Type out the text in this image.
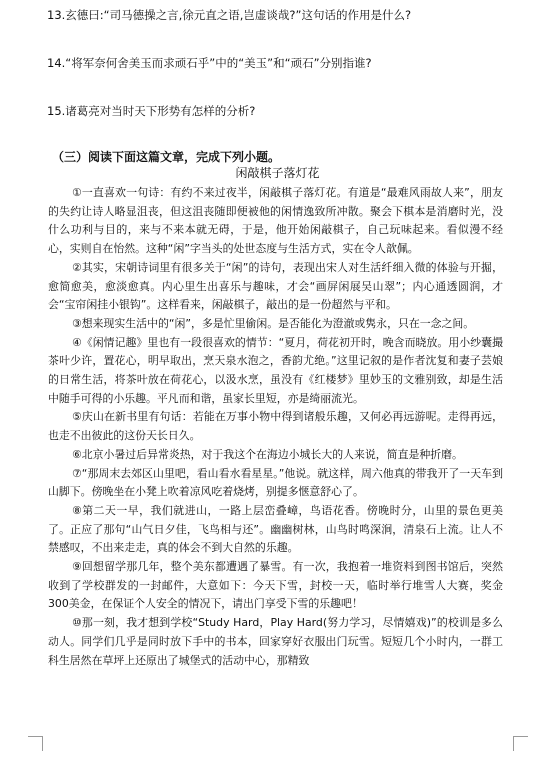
13.玄德曰:“司马德操之言,徐元直之语,岂虚谈哉?”这句话的作用是什么?
14.“将军奈何舍美玉而求顽石乎”中的“美玉”和“顽石”分别指谁?
15.诸葛亮对当时天下形势有怎样的分析?
（三）阅读下面这篇文章，完成下列小题。
闲敲棋子落灯花

①一直喜欢一句诗：有约不来过夜半，闲敲棋子落灯花。有道是“最难风雨故人来”，朋友的失约让诗人略显沮丧，但这沮丧随即便被他的闲情逸致所冲散。聚会下棋本是消磨时光，没什么功利与目的，来与不来本就无碍，于是，他开始闲敲棋子，自己玩味起来。看似漫不经心，实则自在怡然。这种“闲”字当头的处世态度与生活方式，实在令人歆佩。

②其实，宋朝诗词里有很多关于“闲”的诗句，表现出宋人对生活纤细入微的体验与开掘，愈简愈美，愈淡愈真。内心里生出喜乐与趣味，才会“画屏闲展吴山翠”；内心通透圆润，才会“宝帘闲挂小银钩”。这样看来，闲敲棋子，敲出的是一份超然与平和。

③想来现实生活中的“闲”，多是忙里偷闲。是否能化为澄澈或隽永，只在一念之间。

④《闲情记趣》里也有一段很喜欢的情节：“夏月，荷花初开时，晚含而晓放。用小纱囊撮茶叶少许，置花心，明早取出，烹天泉水泡之，香韵尤绝。”这里记叙的是作者沈复和妻子芸娘的日常生活，将茶叶放在荷花心，以汲水烹，虽没有《红楼梦》里妙玉的文雅别致，却是生活中随手可得的小乐趣。平凡而和谐，虽家长里短，亦是绮丽流光。

⑤庆山在新书里有句话：若能在万事小物中得到诸般乐趣，又何必再远游呢。走得再远，也走不出彼此的这份天长日久。

⑥北京小暑过后异常炎热，对于我这个在海边小城长大的人来说，简直是种折磨。

⑦“那周末去郊区山里吧，看山看水看星星。”他说。就这样，周六他真的带我开了一天车到山脚下。傍晚坐在小凳上吹着凉风吃着烧烤，别提多惬意舒心了。

⑧第二天一早，我们就进山，一路上层峦叠嶂，鸟语花香。傍晚时分，山里的景色更美了。正应了那句“山气日夕佳，飞鸟相与还”。幽幽树林，山鸟时鸣深涧，清泉石上流。让人不禁感叹，不出来走走，真的体会不到大自然的乐趣。

⑨回想留学那几年，整个美东都遭遇了暴雪。有一次，我抱着一堆资料到图书馆后，突然收到了学校群发的一封邮件，大意如下：今天下雪，封校一天，临时举行堆雪人大赛，奖金300美金，在保证个人安全的情况下，请出门享受下雪的乐趣吧！

⑩那一刻，我才想到学校“Study Hard，Play Hard(努力学习，尽情嬉戏)”的校训是多么动人。同学们几乎是同时放下手中的书本，回家穿好衣服出门玩雪。短短几个小时内，一群工科生居然在草坪上还原出了城堡式的活动中心，那精致
